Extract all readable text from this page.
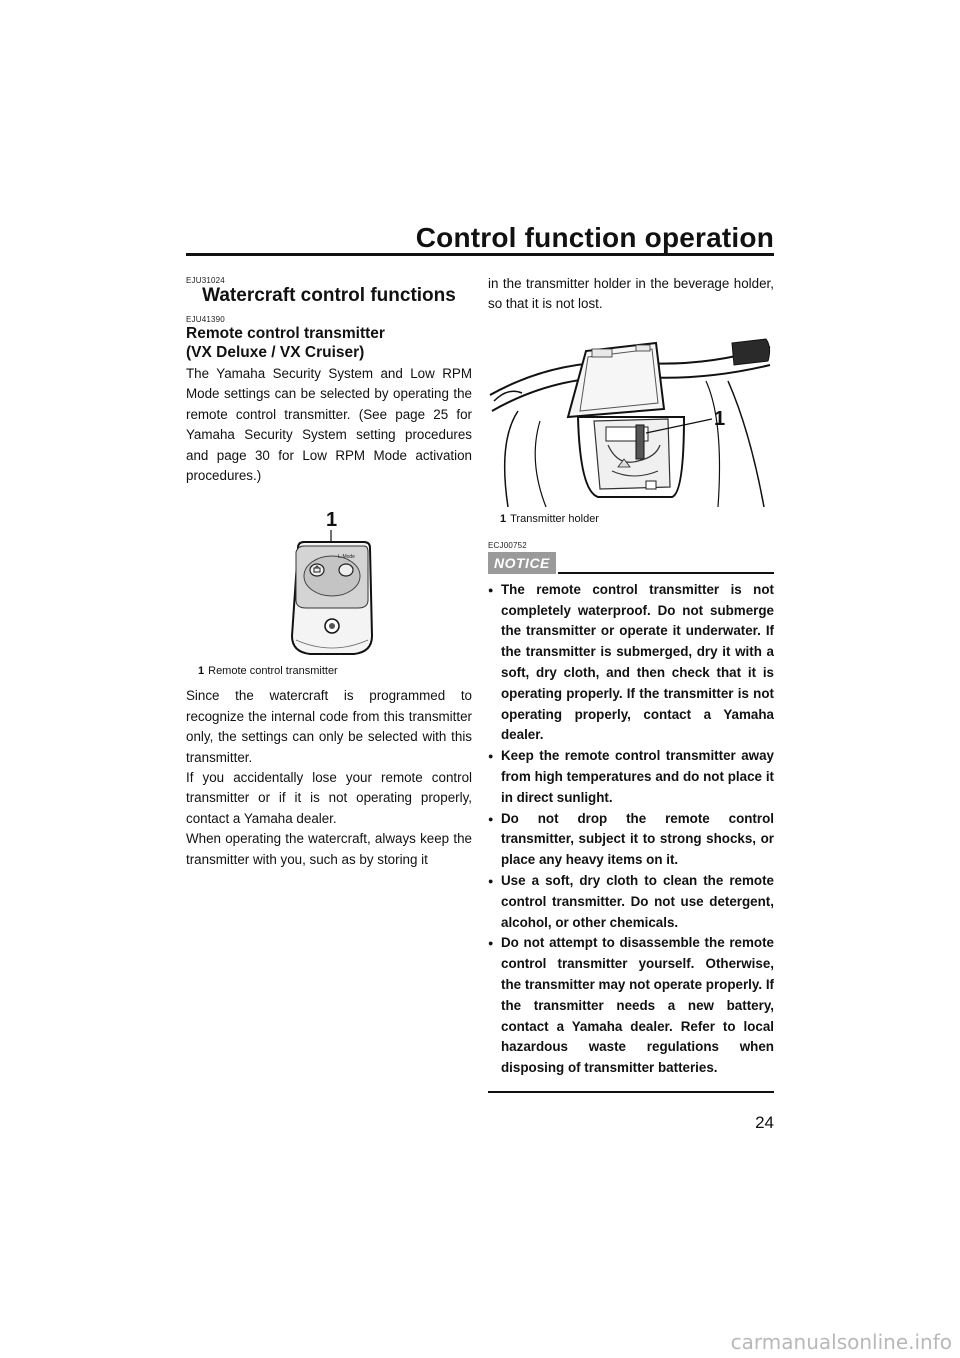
Control function operation
EJU31024
Watercraft control functions
EJU41390
Remote control transmitter
(VX Deluxe / VX Cruiser)

The Yamaha Security System and Low RPM Mode settings can be selected by operating the remote control transmitter. (See page 25 for Yamaha Security System setting procedures and page 30 for Low RPM Mode activation procedures.)

1
L-Mode
1 Remote control transmitter

Since the watercraft is programmed to recognize the internal code from this transmitter only, the settings can only be selected with this transmitter.

If you accidentally lose your remote control transmitter or if it is not operating properly, contact a Yamaha dealer.

When operating the watercraft, always keep the transmitter with you, such as by storing it

in the transmitter holder in the beverage holder, so that it is not lost.

1
1 Transmitter holder
ECJ00752
NOTICE
● The remote control transmitter is not completely waterproof. Do not submerge the transmitter or operate it underwater. If the transmitter is submerged, dry it with a soft, dry cloth, and then check that it is operating properly. If the transmitter is not operating properly, contact a Yamaha dealer.
● Keep the remote control transmitter away from high temperatures and do not place it in direct sunlight.
● Do not drop the remote control transmitter, subject it to strong shocks, or place any heavy items on it.
● Use a soft, dry cloth to clean the remote control transmitter. Do not use detergent, alcohol, or other chemicals.
● Do not attempt to disassemble the remote control transmitter yourself. Otherwise, the transmitter may not operate properly. If the transmitter needs a new battery, contact a Yamaha dealer. Refer to local hazardous waste regulations when disposing of transmitter batteries.
24
carmanualsonline.info
